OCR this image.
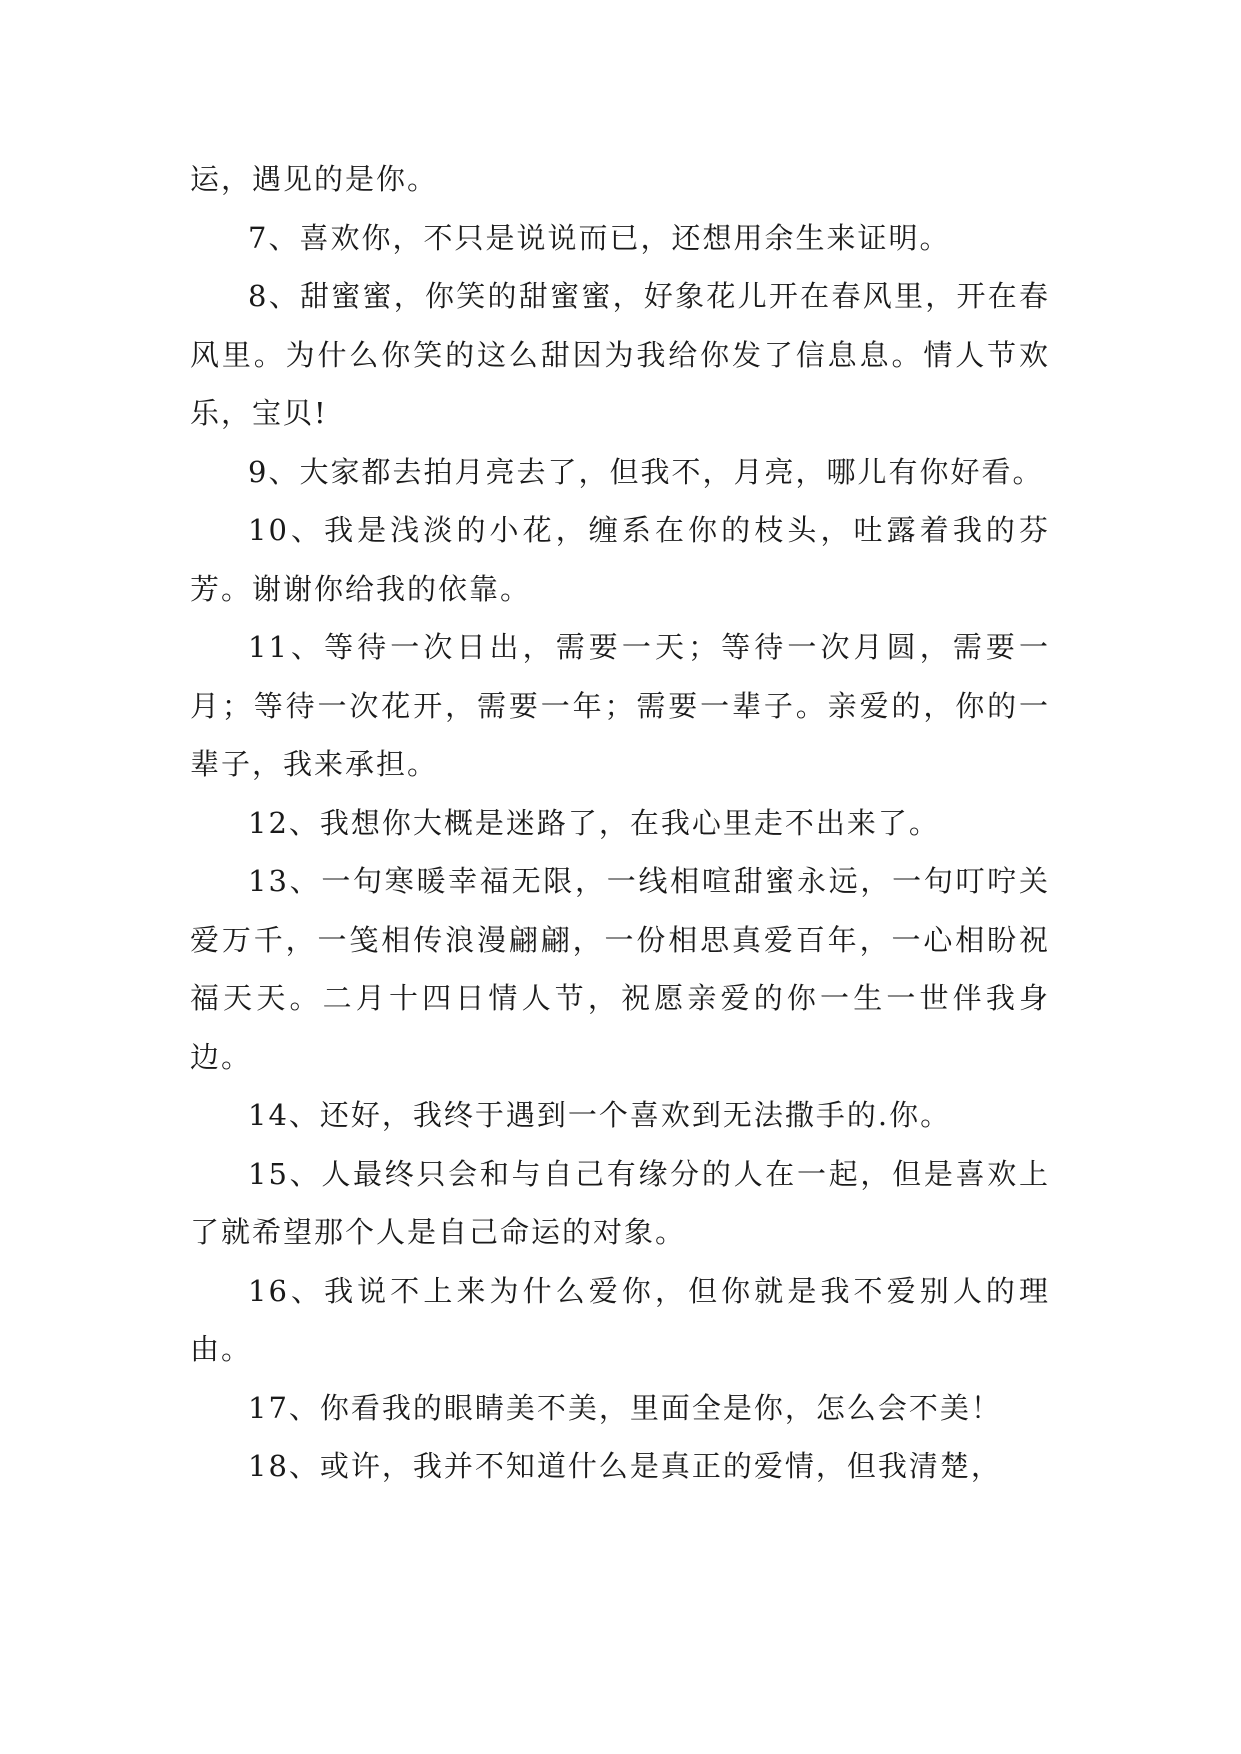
运，遇见的是你。

7、喜欢你，不只是说说而已，还想用余生来证明。

8、甜蜜蜜，你笑的甜蜜蜜，好象花儿开在春风里，开在春风里。为什么你笑的这么甜因为我给你发了信息息。情人节欢乐，宝贝!

9、大家都去拍月亮去了，但我不，月亮，哪儿有你好看。

10、我是浅淡的小花，缠系在你的枝头，吐露着我的芬芳。谢谢你给我的依靠。

11、等待一次日出，需要一天；等待一次月圆，需要一月；等待一次花开，需要一年；需要一辈子。亲爱的，你的一辈子，我来承担。

12、我想你大概是迷路了，在我心里走不出来了。

13、一句寒暖幸福无限，一线相喧甜蜜永远，一句叮咛关爱万千，一笺相传浪漫翩翩，一份相思真爱百年，一心相盼祝福天天。二月十四日情人节，祝愿亲爱的你一生一世伴我身边。

14、还好，我终于遇到一个喜欢到无法撒手的.你。

15、人最终只会和与自己有缘分的人在一起，但是喜欢上了就希望那个人是自己命运的对象。

16、我说不上来为什么爱你，但你就是我不爱别人的理由。

17、你看我的眼睛美不美，里面全是你，怎么会不美！

18、或许，我并不知道什么是真正的爱情，但我清楚，
